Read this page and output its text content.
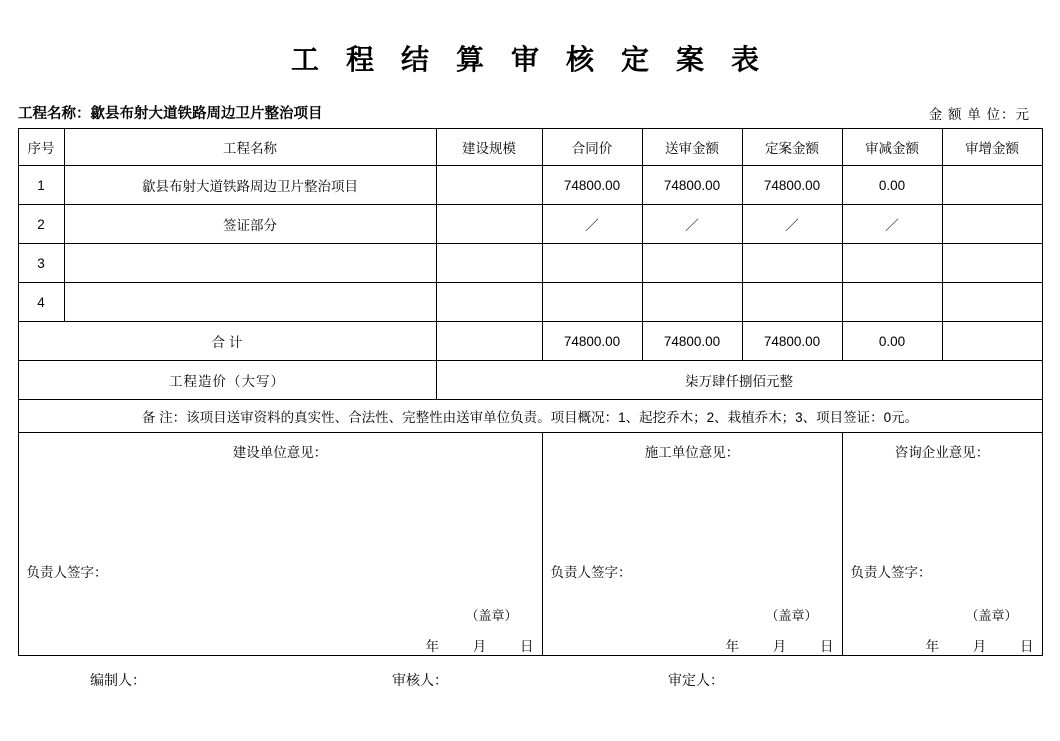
工 程 结 算 审 核 定 案 表
工程名称：歙县布射大道铁路周边卫片整治项目	金 额 单 位：元
序号	工程名称	建设规模	合同价	送审金额	定案金额	审减金额	审增金额
1	歙县布射大道铁路周边卫片整治项目		74800.00	74800.00	74800.00	0.00	
2	签证部分		／	／	／	／	
3							
4							
合 计			74800.00	74800.00	74800.00	0.00	
工程造价（大写）		柒万肆仟捌佰元整					
备 注：该项目送审资料的真实性、合法性、完整性由送审单位负责。项目概况：1、起挖乔木；2、栽植乔木；3、项目签证：0元。							

建设单位意见：
负责人签字：
（盖章）
年 月 日

施工单位意见：
负责人签字：
（盖章）
年 月 日

咨询企业意见：
负责人签字：
（盖章）
年 月 日
编制人：	审核人：	审定人：
